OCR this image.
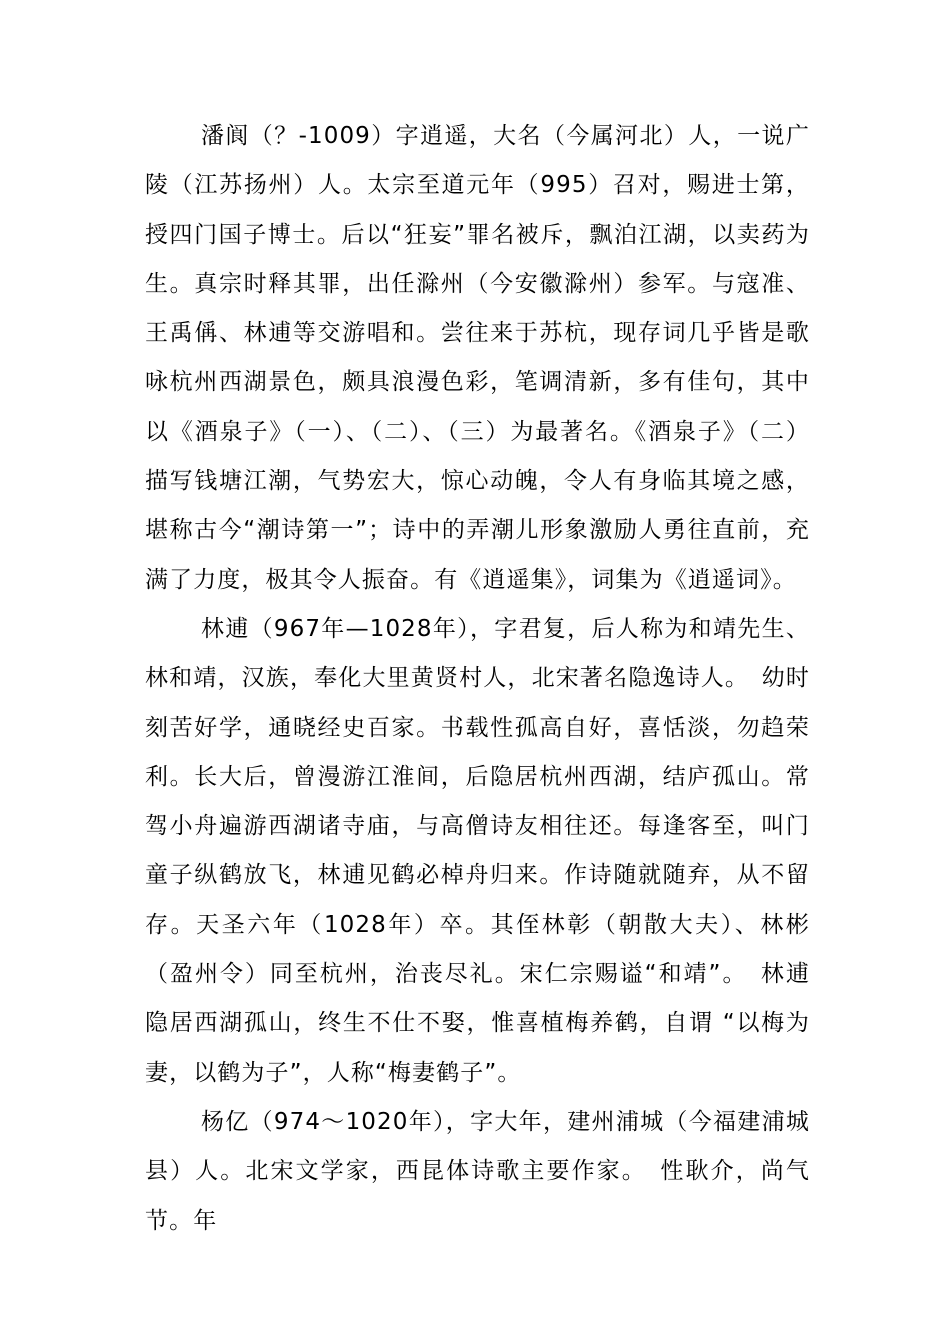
潘阆（？-1009）字逍遥，大名（今属河北）人，一说广陵（江苏扬州）人。太宗至道元年（995）召对，赐进士第，授四门国子博士。后以“狂妄”罪名被斥，飘泊江湖，以卖药为生。真宗时释其罪，出任滁州（今安徽滁州）参军。与寇准、王禹偁、林逋等交游唱和。尝往来于苏杭，现存词几乎皆是歌咏杭州西湖景色，颇具浪漫色彩，笔调清新，多有佳句，其中以《酒泉子》（一）、（二）、（三）为最著名。《酒泉子》（二）描写钱塘江潮，气势宏大，惊心动魄，令人有身临其境之感，堪称古今“潮诗第一”；诗中的弄潮儿形象激励人勇往直前，充满了力度，极其令人振奋。有《逍遥集》，词集为《逍遥词》。

林逋（967年—1028年），字君复，后人称为和靖先生、林和靖，汉族，奉化大里黄贤村人，北宋著名隐逸诗人。　幼时刻苦好学，通晓经史百家。书载性孤高自好，喜恬淡，勿趋荣利。长大后，曾漫游江淮间，后隐居杭州西湖，结庐孤山。常驾小舟遍游西湖诸寺庙，与高僧诗友相往还。每逢客至，叫门童子纵鹤放飞，林逋见鹤必棹舟归来。作诗随就随弃，从不留存。天圣六年（1028年）卒。其侄林彰（朝散大夫）、林彬（盈州令）同至杭州，治丧尽礼。宋仁宗赐谥“和靖”。　林逋隐居西湖孤山，终生不仕不娶，惟喜植梅养鹤，自谓 “以梅为妻，以鹤为子”，人称“梅妻鹤子”。

杨亿（974～1020年），字大年，建州浦城（今福建浦城县）人。北宋文学家，西昆体诗歌主要作家。　性耿介，尚气节。年
